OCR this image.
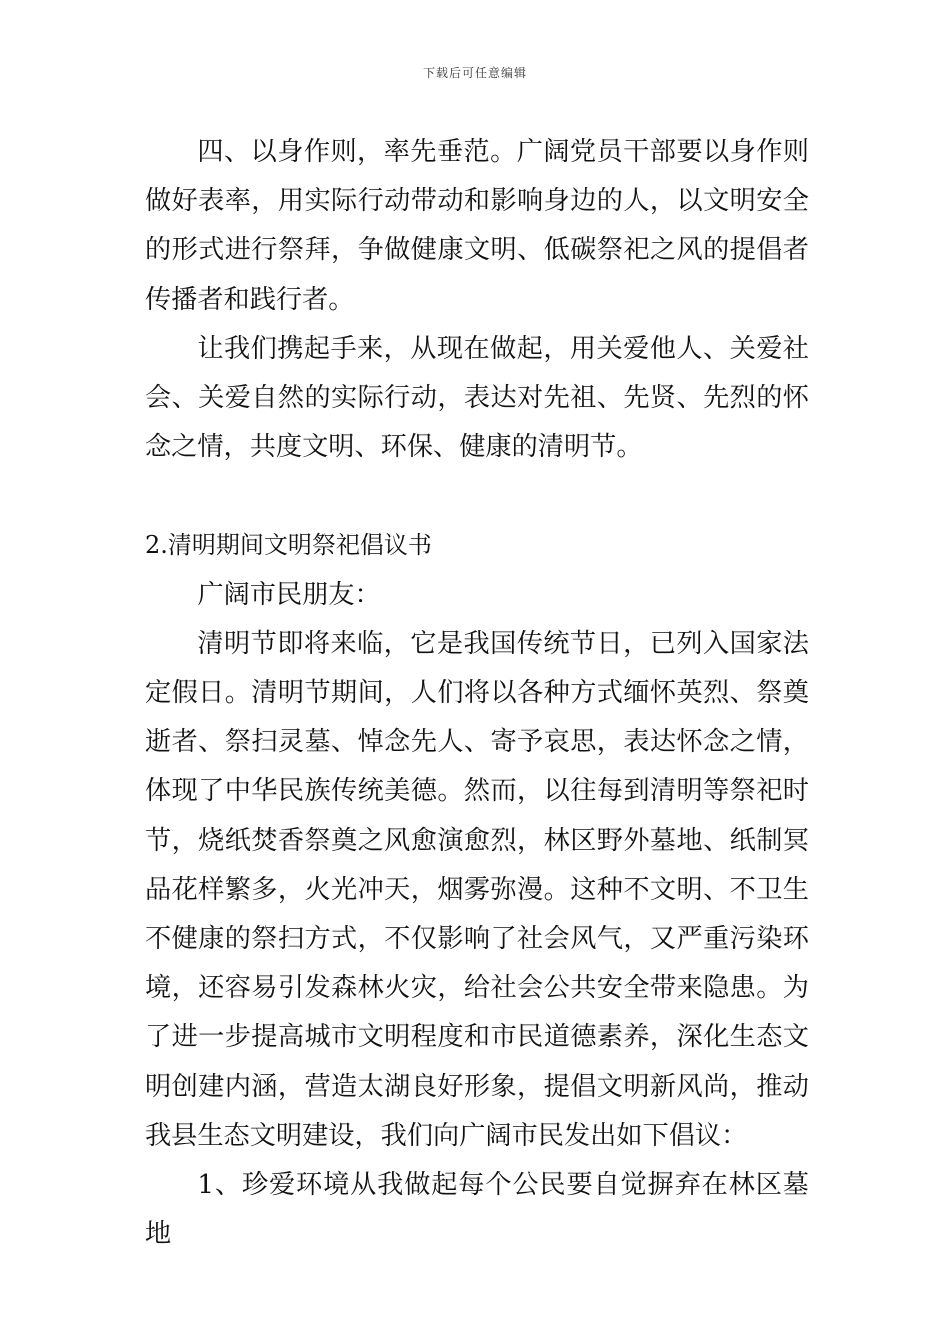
下载后可任意编辑

四、以身作则，率先垂范。广阔党员干部要以身作则做好表率，用实际行动带动和影响身边的人，以文明安全的形式进行祭拜，争做健康文明、低碳祭祀之风的提倡者传播者和践行者。

让我们携起手来，从现在做起，用关爱他人、关爱社会、关爱自然的实际行动，表达对先祖、先贤、先烈的怀念之情，共度文明、环保、健康的清明节。

2.清明期间文明祭祀倡议书

广阔市民朋友：

清明节即将来临，它是我国传统节日，已列入国家法定假日。清明节期间，人们将以各种方式缅怀英烈、祭奠逝者、祭扫灵墓、悼念先人、寄予哀思，表达怀念之情，体现了中华民族传统美德。然而，以往每到清明等祭祀时节，烧纸焚香祭奠之风愈演愈烈，林区野外墓地、纸制冥品花样繁多，火光冲天，烟雾弥漫。这种不文明、不卫生不健康的祭扫方式，不仅影响了社会风气，又严重污染环境，还容易引发森林火灾，给社会公共安全带来隐患。为了进一步提高城市文明程度和市民道德素养，深化生态文明创建内涵，营造太湖良好形象，提倡文明新风尚，推动我县生态文明建设，我们向广阔市民发出如下倡议：

1、珍爱环境从我做起每个公民要自觉摒弃在林区墓地
